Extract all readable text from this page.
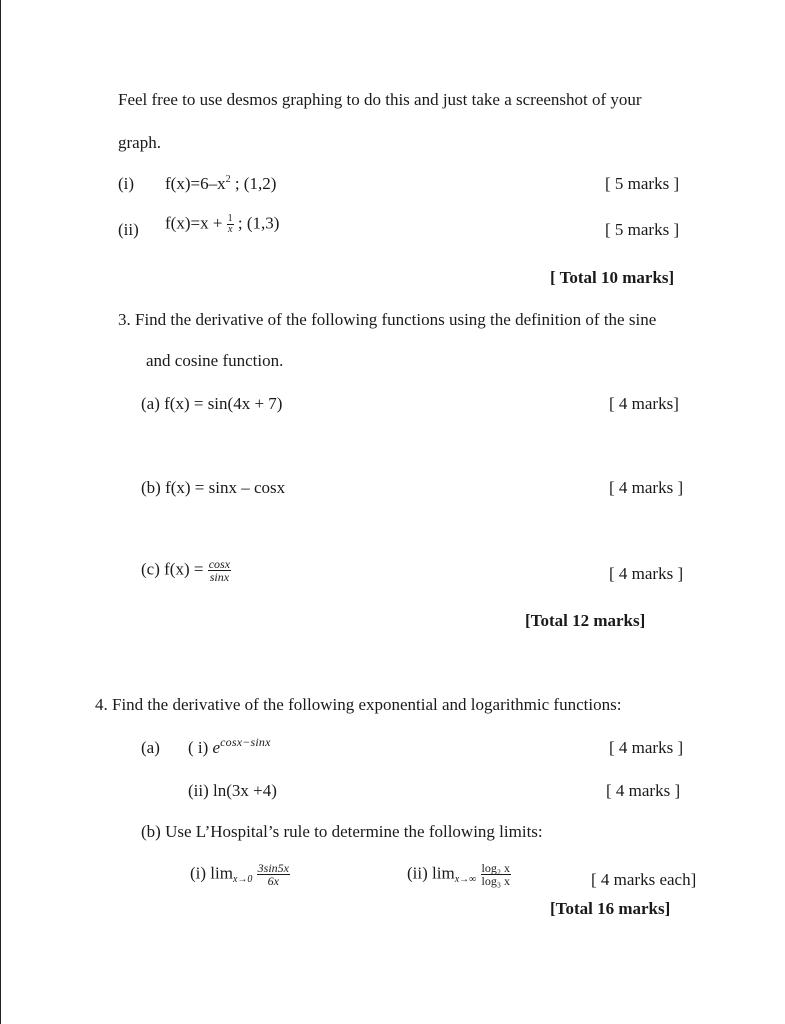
Feel free to use desmos graphing to do this and just take a screenshot of your
graph.
(i) $f(x)=6-x^2$ ; (1,2)	[ 5 marks ]
(ii) $f(x)=x + \frac{1}{x}$ ; (1,3)	[ 5 marks ]
[ Total 10 marks]
3. Find the derivative of the following functions using the definition of the sine
and cosine function.
(a) f(x) = sin(4x + 7)	[ 4 marks]
(b) f(x) = sinx – cosx	[ 4 marks ]
(c) $f(x) = \frac{\cos x}{\sin x}$	[ 4 marks ]
[Total 12 marks]
4. Find the derivative of the following exponential and logarithmic functions:
(a) ( i) $e^{cosx-sinx}$	[ 4 marks ]
(ii) ln(3x +4)	[ 4 marks ]
(b) Use L’Hospital’s rule to determine the following limits:
(i) $\lim_{x\to 0} \frac{3\sin 5x}{6x}$	(ii) $\lim_{x\to\infty} \frac{\text{log₂ x}}{\text{log₃ x}}$	[ 4 marks each]
[Total 16 marks]
